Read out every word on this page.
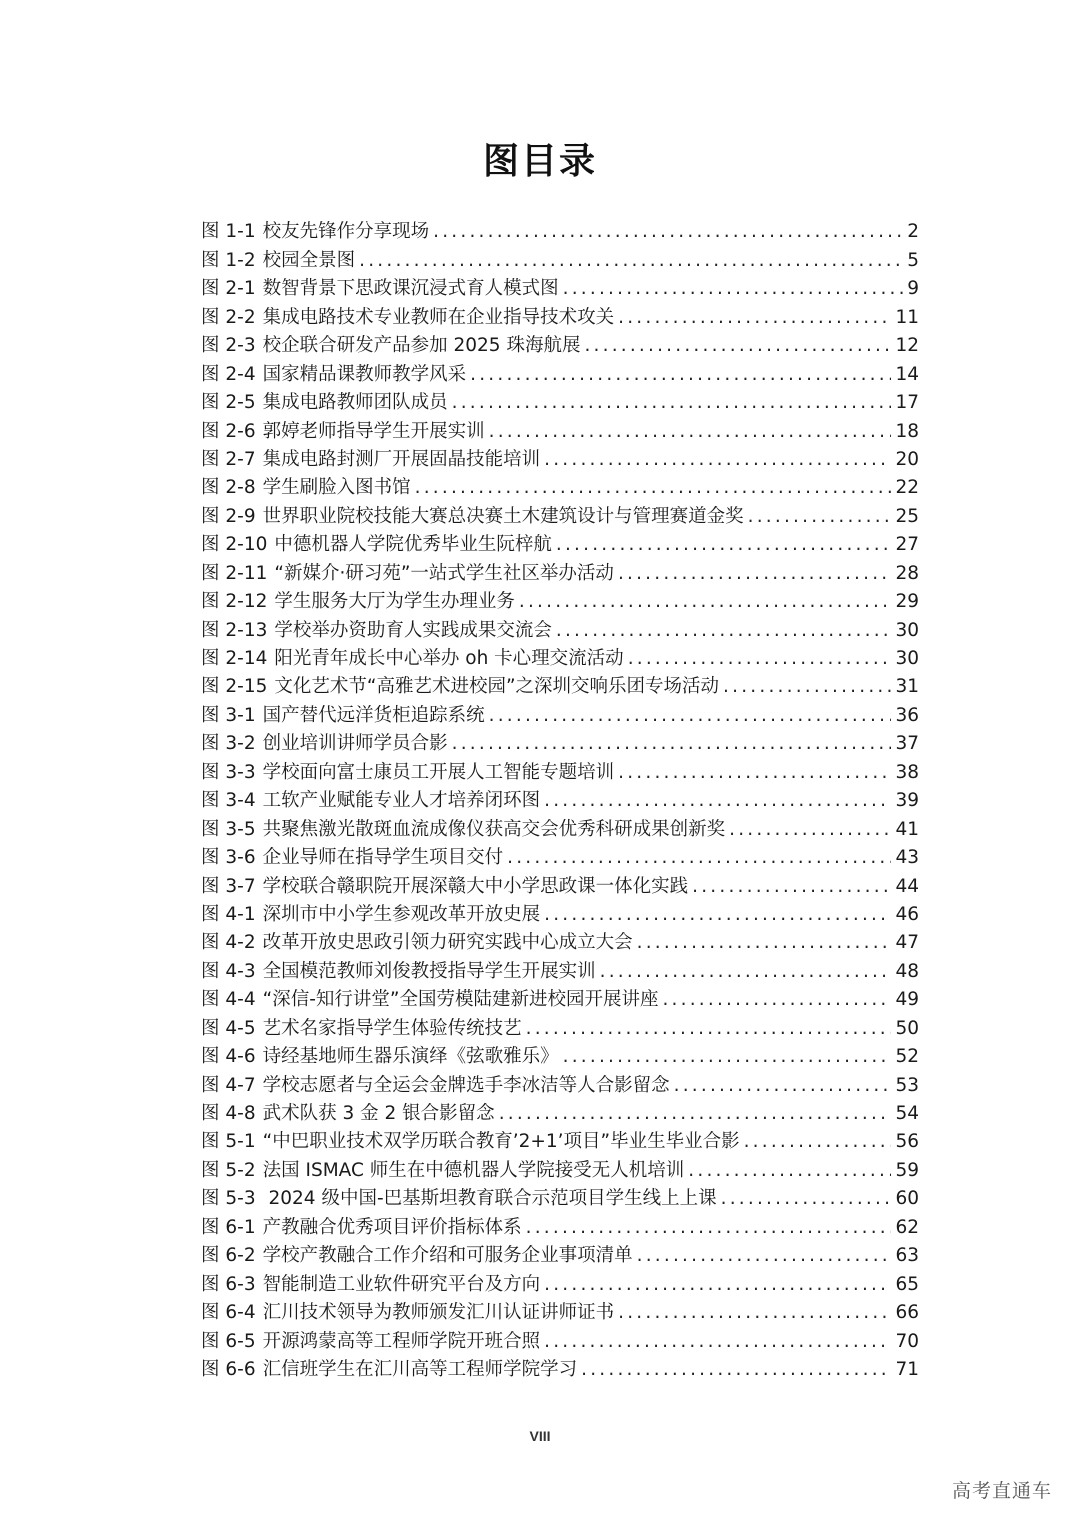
图目录
图 1-1 校友先锋作分享现场 .....	2
图 1-2 校园全景图 .....	5
图 2-1 数智背景下思政课沉浸式育人模式图 .....	9
图 2-2 集成电路技术专业教师在企业指导技术攻关 .....	11
图 2-3 校企联合研发产品参加 2025 珠海航展 .....	12
图 2-4 国家精品课教师教学风采 .....	14
图 2-5 集成电路教师团队成员 .....	17
图 2-6 郭婷老师指导学生开展实训 .....	18
图 2-7 集成电路封测厂开展固晶技能培训 .....	20
图 2-8 学生刷脸入图书馆 .....	22
图 2-9 世界职业院校技能大赛总决赛土木建筑设计与管理赛道金奖 .....	25
图 2-10 中德机器人学院优秀毕业生阮梓航 .....	27
图 2-11 “新媒介·研习苑”一站式学生社区举办活动 .....	28
图 2-12 学生服务大厅为学生办理业务 .....	29
图 2-13 学校举办资助育人实践成果交流会 .....	30
图 2-14 阳光青年成长中心举办 oh 卡心理交流活动 .....	30
图 2-15 文化艺术节“高雅艺术进校园”之深圳交响乐团专场活动 .....	31
图 3-1 国产替代远洋货柜追踪系统 .....	36
图 3-2 创业培训讲师学员合影 .....	37
图 3-3 学校面向富士康员工开展人工智能专题培训 .....	38
图 3-4 工软产业赋能专业人才培养闭环图 .....	39
图 3-5 共聚焦激光散斑血流成像仪获高交会优秀科研成果创新奖 .....	41
图 3-6 企业导师在指导学生项目交付 .....	43
图 3-7 学校联合赣职院开展深赣大中小学思政课一体化实践 .....	44
图 4-1 深圳市中小学生参观改革开放史展 .....	46
图 4-2 改革开放史思政引领力研究实践中心成立大会 .....	47
图 4-3 全国模范教师刘俊教授指导学生开展实训 .....	48
图 4-4 “深信-知行讲堂”全国劳模陆建新进校园开展讲座 .....	49
图 4-5 艺术名家指导学生体验传统技艺 .....	50
图 4-6 诗经基地师生器乐演绎《弦歌雅乐》 .....	52
图 4-7 学校志愿者与全运会金牌选手李冰洁等人合影留念 .....	53
图 4-8 武术队获 3 金 2 银合影留念 .....	54
图 5-1 “中巴职业技术双学历联合教育’2+1’项目”毕业生毕业合影 .....	56
图 5-2 法国 ISMAC 师生在中德机器人学院接受无人机培训 .....	59
图 5-3 2024 级中国-巴基斯坦教育联合示范项目学生线上上课 .....	60
图 6-1 产教融合优秀项目评价指标体系 .....	62
图 6-2 学校产教融合工作介绍和可服务企业事项清单 .....	63
图 6-3 智能制造工业软件研究平台及方向 .....	65
图 6-4 汇川技术领导为教师颁发汇川认证讲师证书 .....	66
图 6-5 开源鸿蒙高等工程师学院开班合照 .....	70
图 6-6 汇信班学生在汇川高等工程师学院学习 .....	71
VIII
高考直通车
